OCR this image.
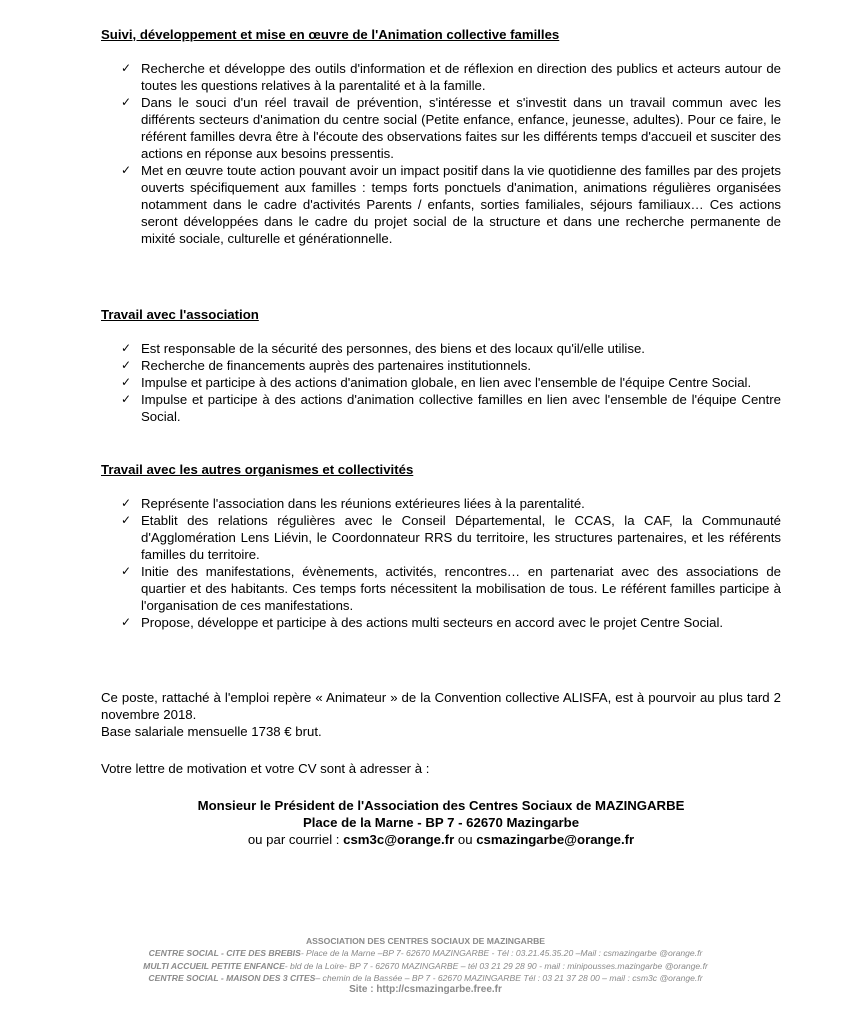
Suivi, développement et mise en œuvre de l'Animation collective familles

✓ Recherche et développe des outils d'information et de réflexion en direction des publics et acteurs autour de toutes les questions relatives à la parentalité et à la famille.
✓ Dans le souci d'un réel travail de prévention, s'intéresse et s'investit dans un travail commun avec les différents secteurs d'animation du centre social (Petite enfance, enfance, jeunesse, adultes). Pour ce faire, le référent familles devra être à l'écoute des observations faites sur les différents temps d'accueil et susciter des actions en réponse aux besoins pressentis.
✓ Met en œuvre toute action pouvant avoir un impact positif dans la vie quotidienne des familles par des projets ouverts spécifiquement aux familles : temps forts ponctuels d'animation, animations régulières organisées notamment dans le cadre d'activités Parents / enfants, sorties familiales, séjours familiaux… Ces actions seront développées dans le cadre du projet social de la structure et dans une recherche permanente de mixité sociale, culturelle et générationnelle.

Travail avec l'association

✓ Est responsable de la sécurité des personnes, des biens et des locaux qu'il/elle utilise.
✓ Recherche de financements auprès des partenaires institutionnels.
✓ Impulse et participe à des actions d'animation globale, en lien avec l'ensemble de l'équipe Centre Social.
✓ Impulse et participe à des actions d'animation collective familles en lien avec l'ensemble de l'équipe Centre Social.

Travail avec les autres organismes et collectivités

✓ Représente l'association dans les réunions extérieures liées à la parentalité.
✓ Etablit des relations régulières avec le Conseil Départemental, le CCAS, la CAF, la Communauté d'Agglomération Lens Liévin, le Coordonnateur RRS du territoire, les structures partenaires, et les référents familles du territoire.
✓ Initie des manifestations, évènements, activités, rencontres… en partenariat avec des associations de quartier et des habitants. Ces temps forts nécessitent la mobilisation de tous. Le référent familles participe à l'organisation de ces manifestations.
✓ Propose, développe et participe à des actions multi secteurs en accord avec le projet Centre Social.

Ce poste, rattaché à l'emploi repère « Animateur » de la Convention collective ALISFA, est à pourvoir au plus tard 2 novembre 2018.

Base salariale mensuelle 1738 € brut.

Votre lettre de motivation et votre CV sont à adresser à :

Monsieur le Président de l'Association des Centres Sociaux de MAZINGARBE
Place de la Marne - BP 7 - 62670 Mazingarbe
ou par courriel : csm3c@orange.fr ou csmazingarbe@orange.fr
ASSOCIATION DES CENTRES SOCIAUX DE MAZINGARBE
CENTRE SOCIAL - CITE DES BREBIS- Place de la Marne –BP 7- 62670 MAZINGARBE - Tél : 03.21.45.35.20 –Mail : csmazingarbe @orange.fr
MULTI ACCUEIL PETITE ENFANCE- bld de la Loire- BP 7 - 62670 MAZINGARBE – tél 03 21 29 28 90 - mail : minipousses.mazingarbe @orange.fr
CENTRE SOCIAL - MAISON DES 3 CITES– chemin de la Bassée – BP 7 - 62670 MAZINGARBE Tél : 03 21 37 28 00 – mail : csm3c @orange.fr
Site : http://csmazingarbe.free.fr
